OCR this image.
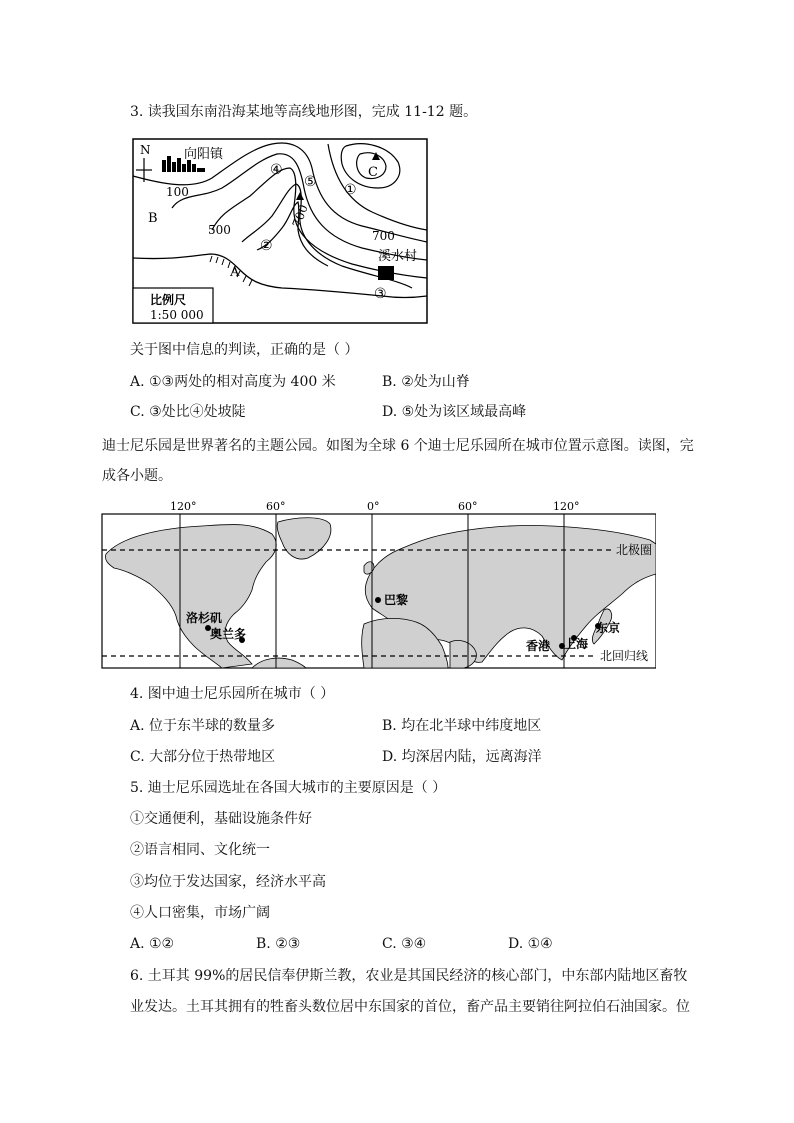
3. 读我国东南沿海某地等高线地形图，完成 11-12 题。
N	向阳镇
100
500
700
700
溪水村
B
A
C
①
②
③
④
⑤
比例尺
1:50 000
关于图中信息的判读，正确的是（ ）
A. ①③两处的相对高度为 400 米	B. ②处为山脊
C. ③处比④处坡陡	D. ⑤处为该区域最高峰
迪士尼乐园是世界著名的主题公园。如图为全球 6 个迪士尼乐园所在城市位置示意图。读图，完
成各小题。
120°	60°	0°	60°	120°
北极圈
北回归线
洛杉矶
奥兰多
巴黎
香港 上海
东京
4. 图中迪士尼乐园所在城市（ ）
A. 位于东半球的数量多	B. 均在北半球中纬度地区
C. 大部分位于热带地区	D. 均深居内陆，远离海洋
5. 迪士尼乐园选址在各国大城市的主要原因是（ ）
①交通便利，基础设施条件好
②语言相同、文化统一
③均位于发达国家，经济水平高
④人口密集，市场广阔
A. ①②	B. ②③	C. ③④	D. ①④
6. 土耳其 99%的居民信奉伊斯兰教，农业是其国民经济的核心部门，中东部内陆地区畜牧
业发达。土耳其拥有的牲畜头数位居中东国家的首位，畜产品主要销往阿拉伯石油国家。位
